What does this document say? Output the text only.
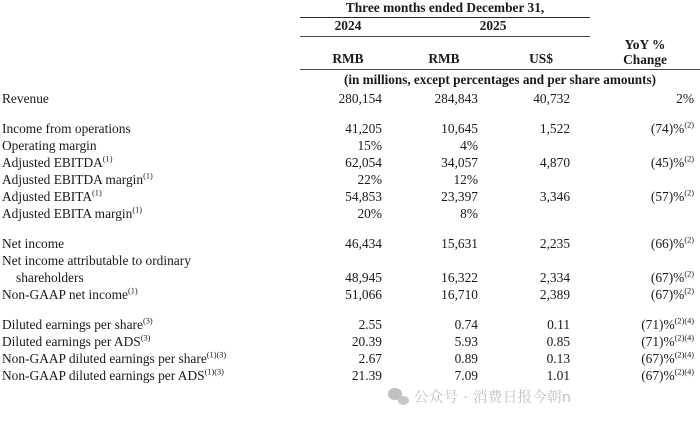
	Three months ended December 31,			
	2024	2025		
	RMB	RMB	US$	YoY %
Change
	(in millions, except percentages and per share amounts)			
Revenue	280,154	284,843	40,732	2%

Income from operations	41,205	10,645	1,522	(74)%$^{(2)}$
Operating margin	15%	4%		
Adjusted EBITDA$^{(1)}$	62,054	34,057	4,870	(45)%$^{(2)}$
Adjusted EBITDA margin$^{(1)}$	22%	12%		
Adjusted EBITA$^{(1)}$	54,853	23,397	3,346	(57)%$^{(2)}$
Adjusted EBITA margin$^{(1)}$	20%	8%		

Net income	46,434	15,631	2,235	(66)%$^{(2)}$
Net income attributable to ordinary				
shareholders	48,945	16,322	2,334	(67)%$^{(2)}$
Non-GAAP net income$^{(1)}$	51,066	16,710	2,389	(67)%$^{(2)}$

Diluted earnings per share$^{(3)}$	2.55	0.74	0.11	(71)%$^{(2)(4)}$
Diluted earnings per ADS$^{(3)}$	20.39	5.93	0.85	(71)%$^{(2)(4)}$
Non-GAAP diluted earnings per share$^{(1)(3)}$	2.67	0.89	0.13	(67)%$^{(2)(4)}$
Non-GAAP diluted earnings per $ADS^{(1)(3)}$	21.39	7.09	1.01	(67)%$^{(2)(4)}$
公众号 · 消费日报今朝n
